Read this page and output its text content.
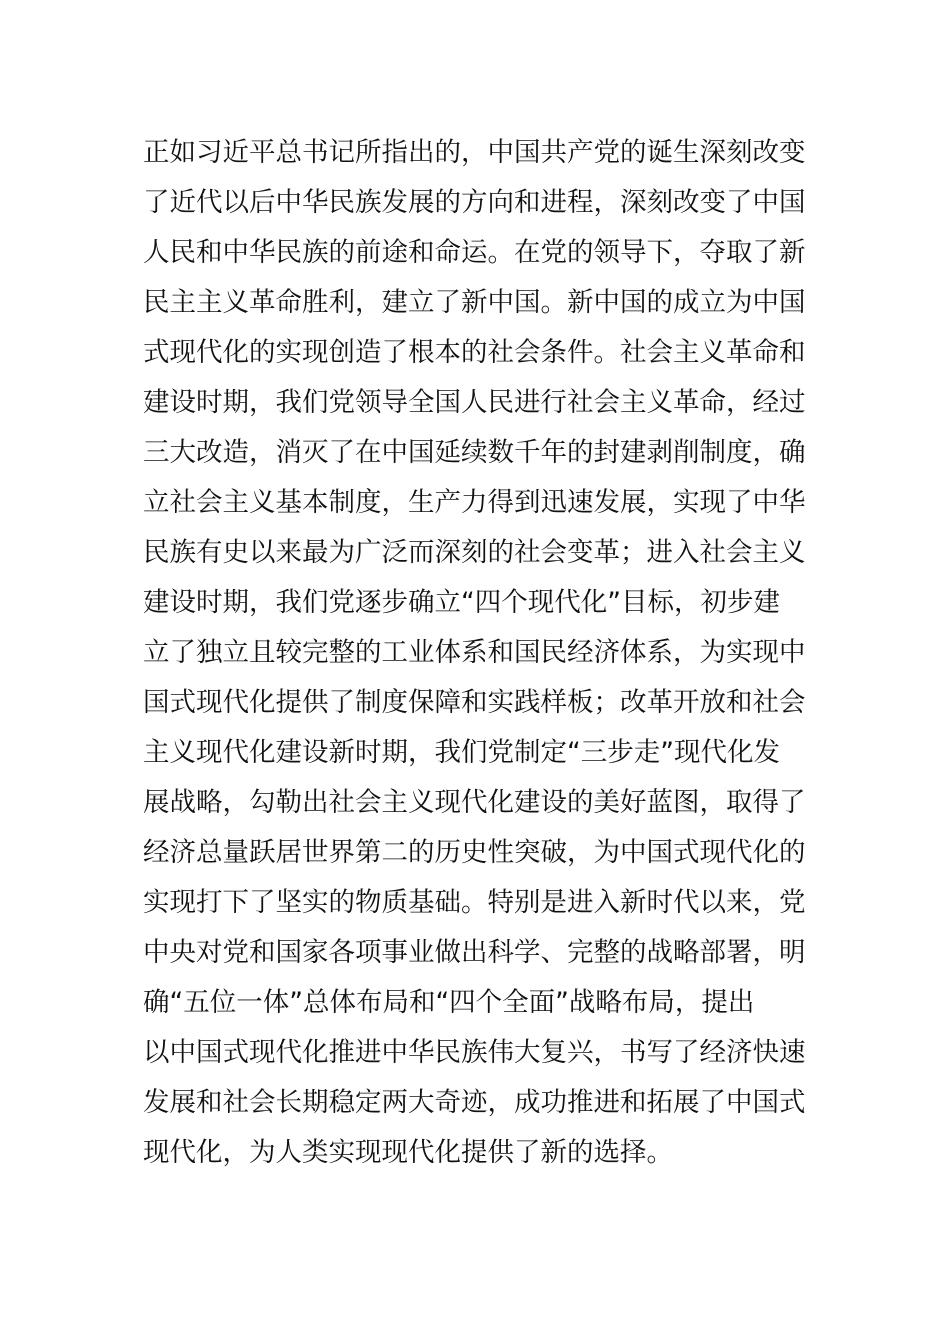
正如习近平总书记所指出的，中国共产党的诞生深刻改变
了近代以后中华民族发展的方向和进程，深刻改变了中国
人民和中华民族的前途和命运。在党的领导下，夺取了新
民主主义革命胜利，建立了新中国。新中国的成立为中国
式现代化的实现创造了根本的社会条件。社会主义革命和
建设时期，我们党领导全国人民进行社会主义革命，经过
三大改造，消灭了在中国延续数千年的封建剥削制度，确
立社会主义基本制度，生产力得到迅速发展，实现了中华
民族有史以来最为广泛而深刻的社会变革；进入社会主义
建设时期，我们党逐步确立“四个现代化”目标，初步建
立了独立且较完整的工业体系和国民经济体系，为实现中
国式现代化提供了制度保障和实践样板；改革开放和社会
主义现代化建设新时期，我们党制定“三步走”现代化发
展战略，勾勒出社会主义现代化建设的美好蓝图，取得了
经济总量跃居世界第二的历史性突破，为中国式现代化的
实现打下了坚实的物质基础。特别是进入新时代以来，党
中央对党和国家各项事业做出科学、完整的战略部署，明
确“五位一体”总体布局和“四个全面”战略布局，提出
以中国式现代化推进中华民族伟大复兴，书写了经济快速
发展和社会长期稳定两大奇迹，成功推进和拓展了中国式
现代化，为人类实现现代化提供了新的选择。
